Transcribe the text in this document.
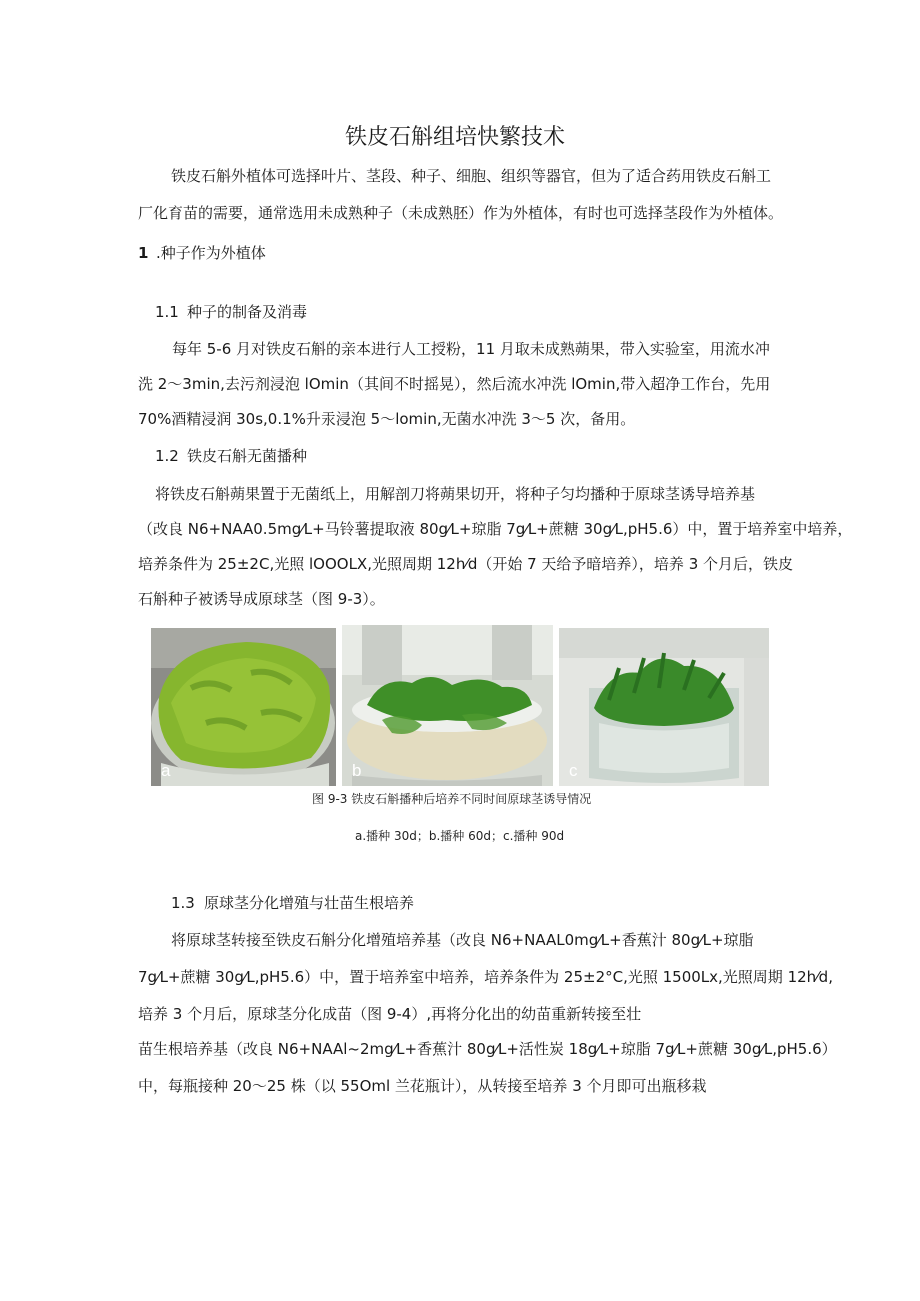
铁皮石斛组培快繁技术
铁皮石斛外植体可选择叶片、茎段、种子、细胞、组织等器官，但为了适合药用铁皮石斛工
厂化育苗的需要，通常选用未成熟种子（未成熟胚）作为外植体，有时也可选择茎段作为外植体。
1 .种子作为外植体
1.1 种子的制备及消毒
每年 5-6 月对铁皮石斛的亲本进行人工授粉，11 月取未成熟蒴果，带入实验室，用流水冲
洗 2～3min,去污剂浸泡 lOmin（其间不时摇晃），然后流水冲洗 lOmin,带入超净工作台，先用
70%酒精浸润 30s,0.1%升汞浸泡 5～lomin,无菌水冲洗 3～5 次，备用。
1.2 铁皮石斛无菌播种
将铁皮石斛蒴果置于无菌纸上，用解剖刀将蒴果切开，将种子匀均播种于原球茎诱导培养基
（改良 N6+NAA0.5mg⁄L+马铃薯提取液 80g⁄L+琼脂 7g⁄L+蔗糖 30g⁄L,pH5.6）中，置于培养室中培养，
培养条件为 25±2C,光照 lOOOLX,光照周期 12h⁄d（开始 7 天给予暗培养），培养 3 个月后，铁皮
石斛种子被诱导成原球茎（图 9-3）。
a	b	c
图 9-3 铁皮石斛播种后培养不同时间原球茎诱导情况
a.播种 30d；b.播种 60d；c.播种 90d
1.3 原球茎分化增殖与壮苗生根培养
将原球茎转接至铁皮石斛分化增殖培养基（改良 N6+NAAL0mg⁄L+香蕉汁 80g⁄L+琼脂
7g⁄L+蔗糖 30g⁄L,pH5.6）中，置于培养室中培养，培养条件为 25±2°C,光照 1500Lx,光照周期 12h⁄d,
培养 3 个月后，原球茎分化成苗（图 9-4）,再将分化出的幼苗重新转接至壮
苗生根培养基（改良 N6+NAAl~2mg⁄L+香蕉汁 80g⁄L+活性炭 18g⁄L+琼脂 7g⁄L+蔗糖 30g⁄L,pH5.6）
中，每瓶接种 20～25 株（以 55Oml 兰花瓶计），从转接至培养 3 个月即可出瓶移栽
